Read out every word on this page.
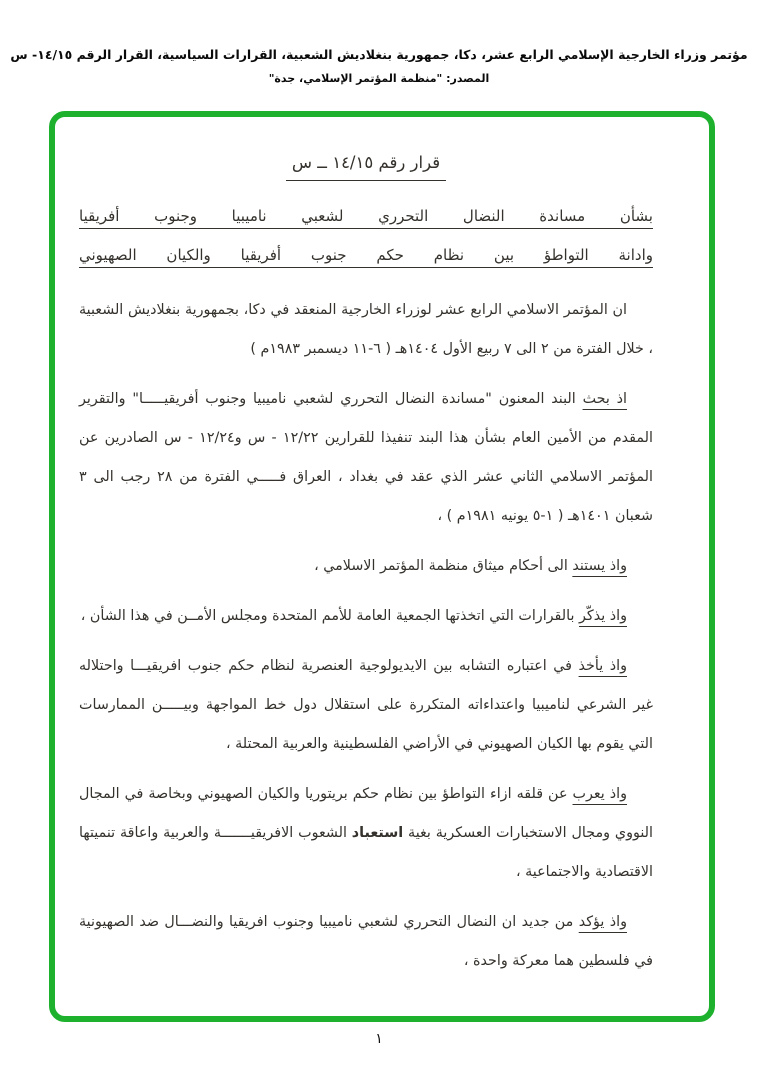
مؤتمر وزراء الخارجية الإسلامي الرابع عشر، دكا، جمهورية بنغلاديش الشعبية، القرارات السياسية، القرار الرقم ١٤/١٥- س
المصدر: "منظمة المؤتمر الإسلامي، جدة"
قرار رقم ١٤/١٥ ــ س
بشأن مساندة النضال التحرري لشعبي ناميبيا وجنوب أفريقيا
وادانة التواطؤ بين نظام حكم جنوب أفريقيا والكيان الصهيوني

ان المؤتمر الاسلامي الرابع عشر لوزراء الخارجية المنعقد في دكا، بجمهورية بنغلاديش الشعبية ، خلال الفترة من ٢ الى ٧ ربيع الأول ١٤٠٤هـ ( ٦-١١ ديسمبر ١٩٨٣م )

اذ بحث البند المعنون "مساندة النضال التحرري لشعبي ناميبيا وجنوب أفريقيـــــا" والتقرير المقدم من الأمين العام بشأن هذا البند تنفيذا للقرارين ١٢/٢٢ - س و١٢/٢٤ - س الصادرين عن المؤتمر الاسلامي الثاني عشر الذي عقد في بغداد ، العراق فـــــي الفترة من ٢٨ رجب الى ٣ شعبان ١٤٠١هـ ( ١-٥ يونيه ١٩٨١م ) ،

واذ يستند الى أحكام ميثاق منظمة المؤتمر الاسلامي ،

واذ يذكّر بالقرارات التي اتخذتها الجمعية العامة للأمم المتحدة ومجلس الأمــن في هذا الشأن ،

واذ يأخذ في اعتباره التشابه بين الايديولوجية العنصرية لنظام حكم جنوب افريقيـــا واحتلاله غير الشرعي لناميبيا واعتداءاته المتكررة على استقلال دول خط المواجهة وبيـــــن الممارسات التي يقوم بها الكيان الصهيوني في الأراضي الفلسطينية والعربية المحتلة ،

واذ يعرب عن قلقه ازاء التواطؤ بين نظام حكم بريتوريا والكيان الصهيوني وبخاصة في المجال النووي ومجال الاستخبارات العسكرية بغية استعباد الشعوب الافريقيـــــــة والعربية واعاقة تنميتها الاقتصادية والاجتماعية ،

واذ يؤكد من جديد ان النضال التحرري لشعبي ناميبيا وجنوب افريقيا والنضـــال ضد الصهيونية في فلسطين هما معركة واحدة ،

١
